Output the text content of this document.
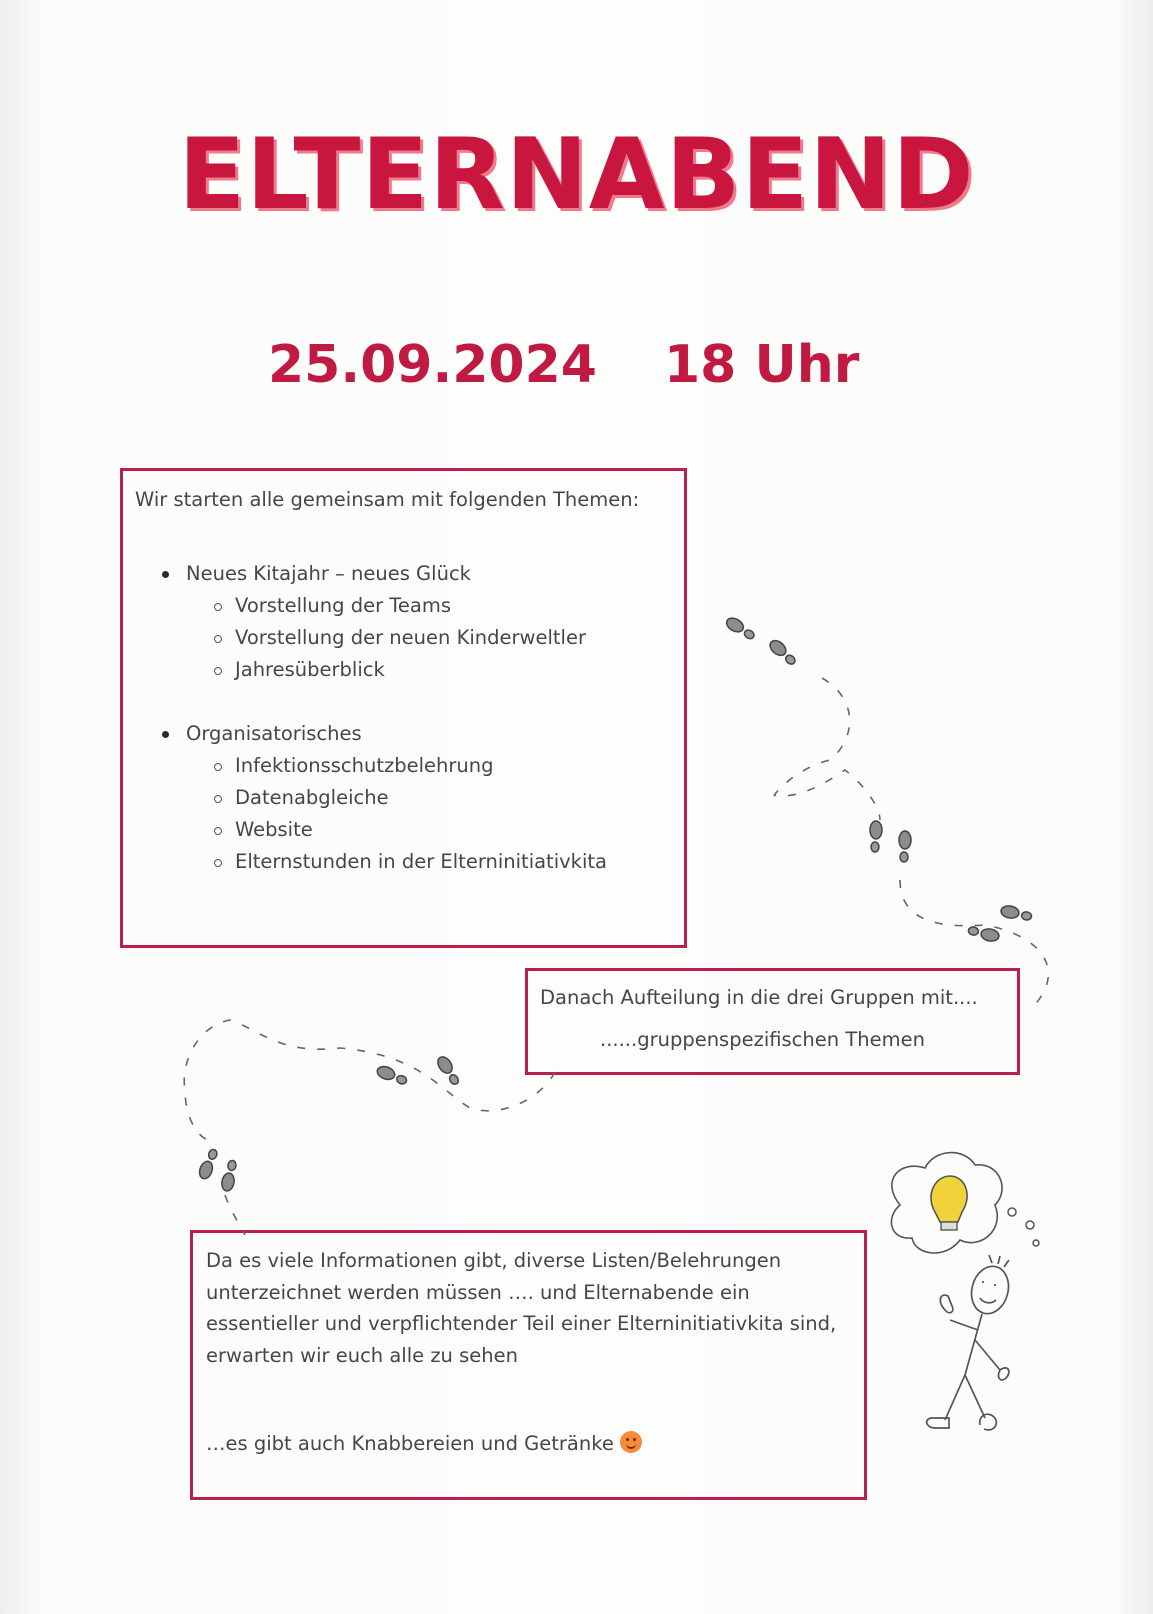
ELTERNABEND
25.09.2024 18 Uhr

Wir starten alle gemeinsam mit folgenden Themen:

Neues Kitajahr – neues Glück
Vorstellung der Teams
Vorstellung der neuen Kinderweltler
Jahresüberblick
Organisatorisches
Infektionsschutzbelehrung
Datenabgleiche
Website
Elternstunden in der Elterninitiativkita
Danach Aufteilung in die drei Gruppen mit....
......gruppenspezifischen Themen
Da es viele Informationen gibt, diverse Listen/Belehrungen unterzeichnet werden müssen …. und Elternabende ein essentieller und verpflichtender Teil einer Elterninitiativkita sind, erwarten wir euch alle zu sehen
…es gibt auch Knabbereien und Getränke
